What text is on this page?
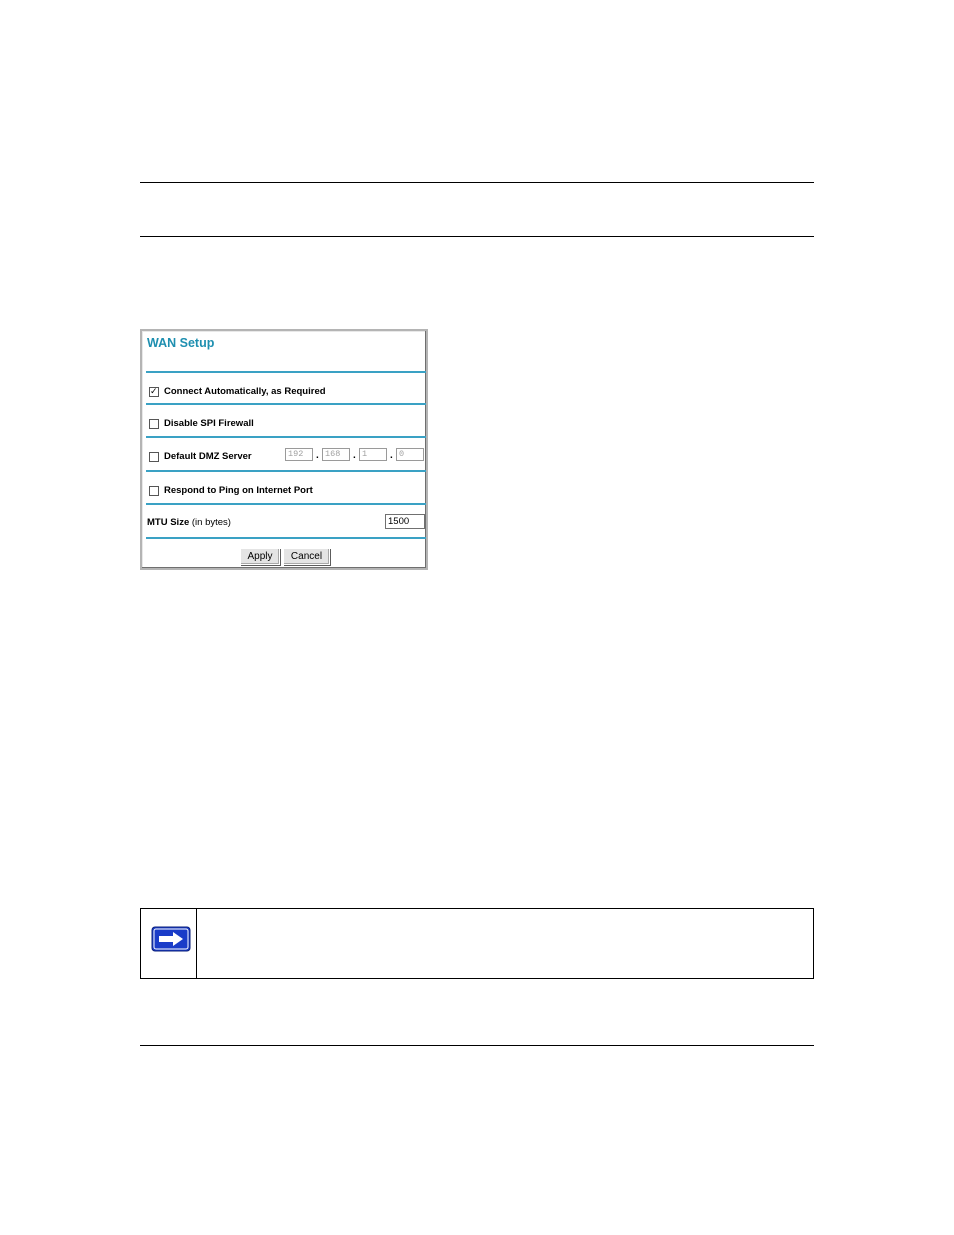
WAN Setup
✓
Connect Automatically, as Required
Disable SPI Firewall
Default DMZ Server	192	. 168	. 1	. 0
Respond to Ping on Internet Port
MTU Size (in bytes)	1500
Apply	Cancel
